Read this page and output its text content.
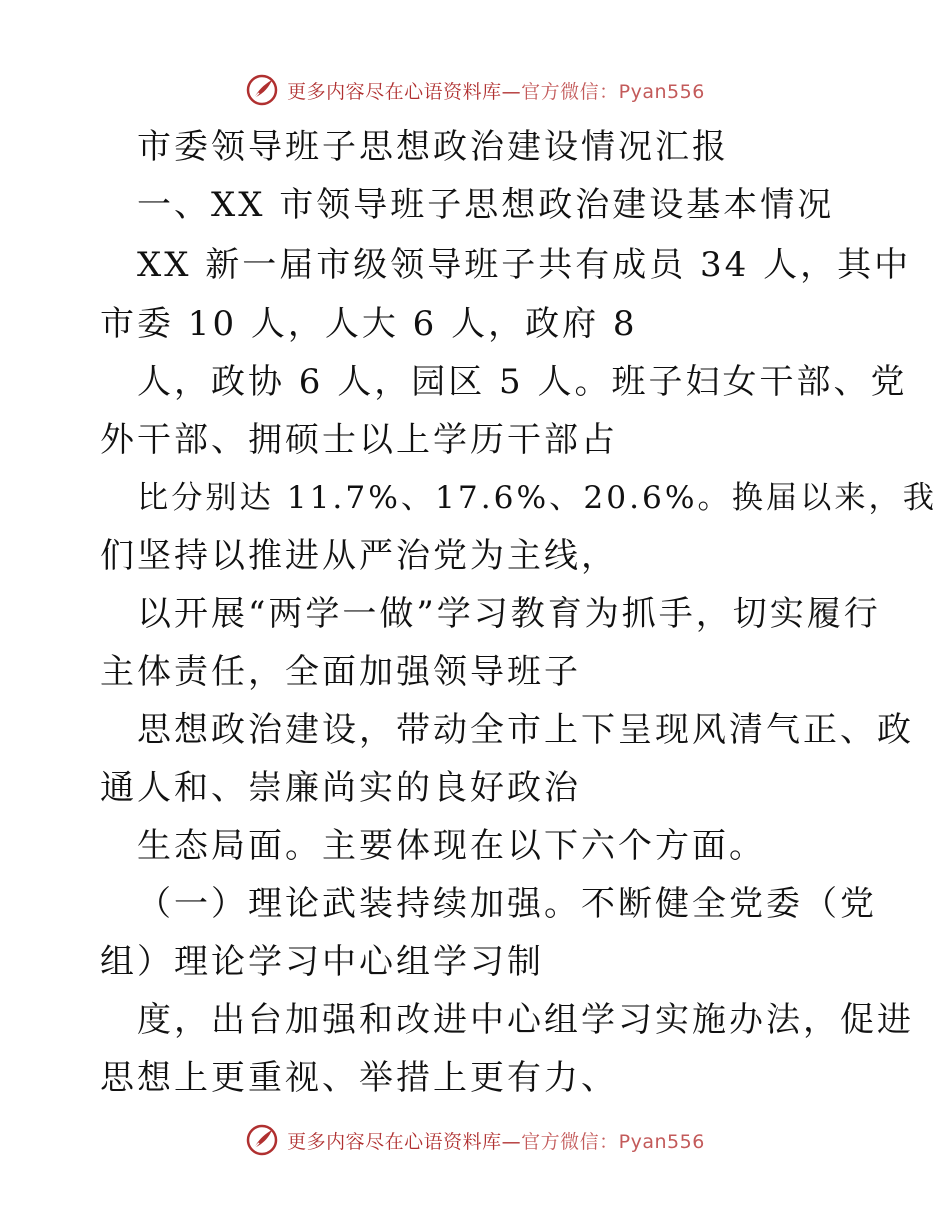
更多内容尽在心语资料库—官方微信：Pyan556
市委领导班子思想政治建设情况汇报
一、XX 市领导班子思想政治建设基本情况
XX 新一届市级领导班子共有成员 34 人，其中
市委 10 人，人大 6 人，政府 8
人，政协 6 人，园区 5 人。班子妇女干部、党
外干部、拥硕士以上学历干部占
比分别达 11.7%、17.6%、20.6%。换届以来，我
们坚持以推进从严治党为主线，
以开展“两学一做”学习教育为抓手，切实履行
主体责任，全面加强领导班子
思想政治建设，带动全市上下呈现风清气正、政
通人和、崇廉尚实的良好政治
生态局面。主要体现在以下六个方面。
（一）理论武装持续加强。不断健全党委（党
组）理论学习中心组学习制
度，出台加强和改进中心组学习实施办法，促进
思想上更重视、举措上更有力、
更多内容尽在心语资料库—官方微信：Pyan556
